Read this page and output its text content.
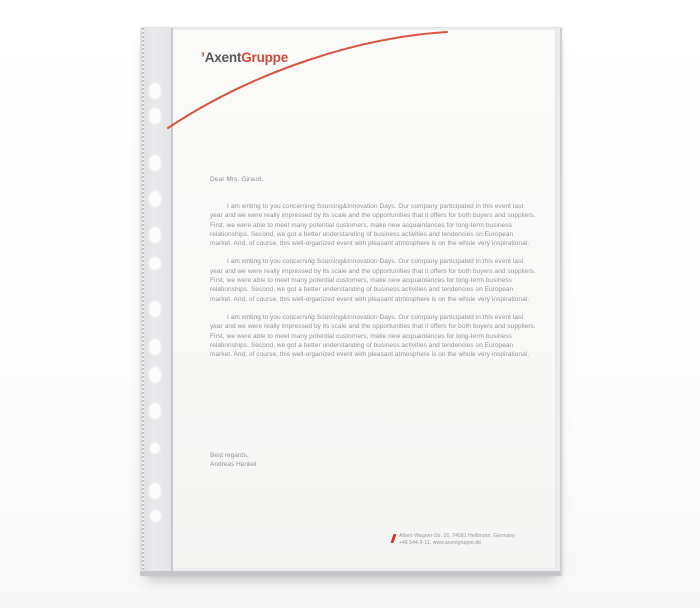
’AxentGruppe
Dear Mrs. Giraud,

I am writing to you concerning Sourcing&Innovation Days. Our company participated in this event last year and we were really impressed by its scale and the opportunities that it offers for both buyers and suppliers. First, we were able to meet many potential customers, make new acquaintances for long-term business relationships. Second, we got a better understanding of business activities and tendencies on European market. And, of course, this well-organized event with pleasant atmosphere is on the whole very inspirational.

I am writing to you concerning Sourcing&Innovation Days. Our company participated in this event last year and we were really impressed by its scale and the opportunities that it offers for both buyers and suppliers. First, we were able to meet many potential customers, make new acquaintances for long-term business relationships. Second, we got a better understanding of business activities and tendencies on European market. And, of course, this well-organized event with pleasant atmosphere is on the whole very inspirational.

I am writing to you concerning Sourcing&Innovation Days. Our company participated in this event last year and we were really impressed by its scale and the opportunities that it offers for both buyers and suppliers. First, we were able to meet many potential customers, make new acquaintances for long-term business relationships. Second, we got a better understanding of business activities and tendencies on European market. And, of course, this well-organized event with pleasant atmosphere is on the whole very inspirational.

Best regards,
Andreas Henkel
Albert-Wagner-Str. 16, 74081 Heilbronn, Germany
+49 544-9-11, www.axentgruppe.de
